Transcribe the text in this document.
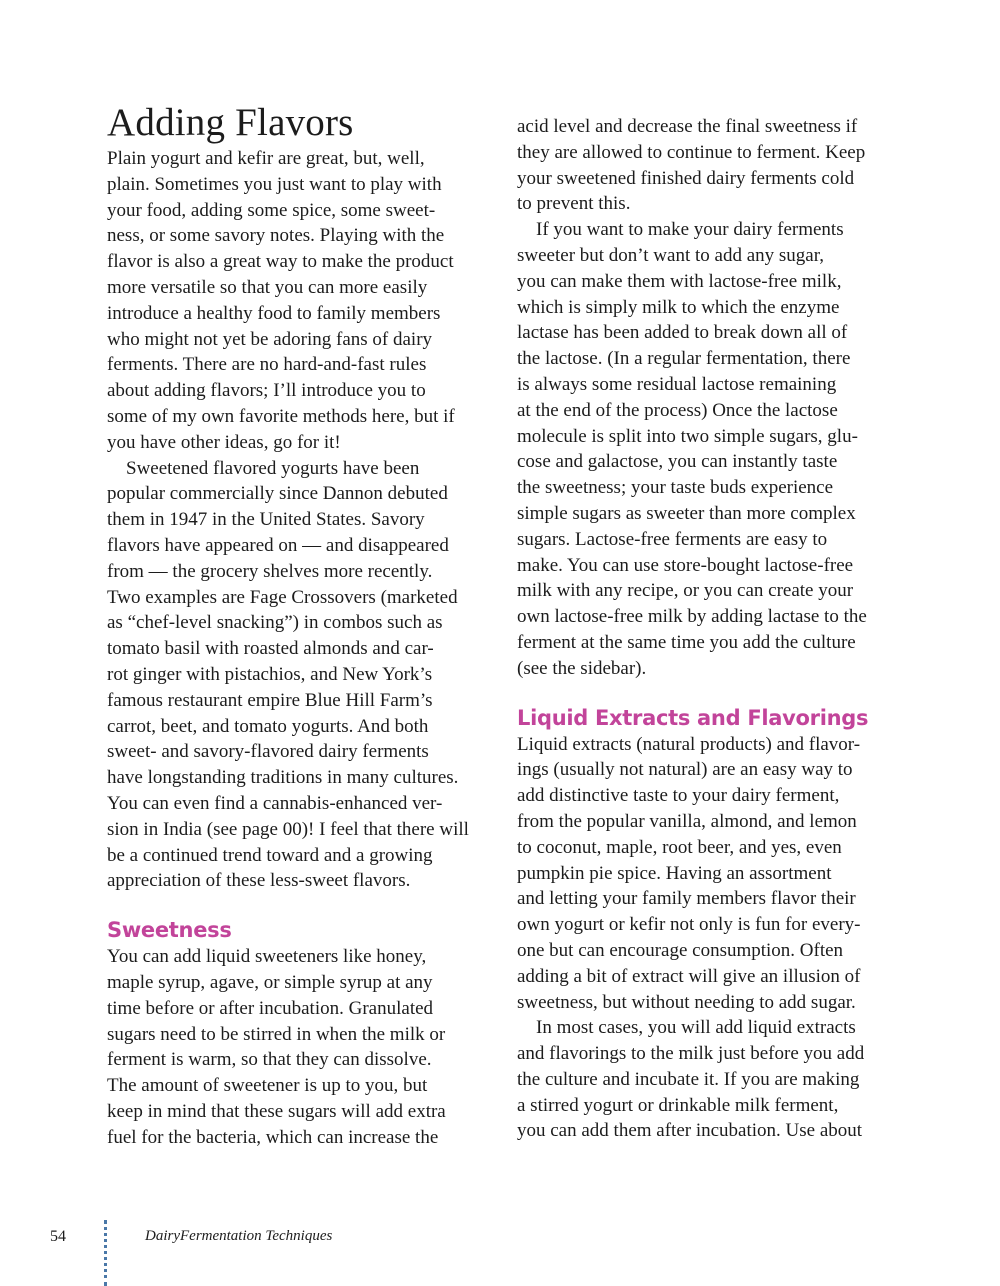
Adding Flavors
Plain yogurt and kefir are great, but, well,
plain. Sometimes you just want to play with
your food, adding some spice, some sweet-
ness, or some savory notes. Playing with the
flavor is also a great way to make the product
more versatile so that you can more easily
introduce a healthy food to family members
who might not yet be adoring fans of dairy
ferments. There are no hard-and-fast rules
about adding flavors; I’ll introduce you to
some of my own favorite methods here, but if
you have other ideas, go for it!
Sweetened flavored yogurts have been
popular commercially since Dannon debuted
them in 1947 in the United States. Savory
flavors have appeared on — and disappeared
from — the grocery shelves more recently.
Two examples are Fage Crossovers (marketed
as “chef-level snacking”) in combos such as
tomato basil with roasted almonds and car-
rot ginger with pistachios, and New York’s
famous restaurant empire Blue Hill Farm’s
carrot, beet, and tomato yogurts. And both
sweet- and savory-flavored dairy ferments
have longstanding traditions in many cultures.
You can even find a cannabis-enhanced ver-
sion in India (see page 00)! I feel that there will
be a continued trend toward and a growing
appreciation of these less-sweet flavors.
Sweetness
You can add liquid sweeteners like honey,
maple syrup, agave, or simple syrup at any
time before or after incubation. Granulated
sugars need to be stirred in when the milk or
ferment is warm, so that they can dissolve.
The amount of sweetener is up to you, but
keep in mind that these sugars will add extra
fuel for the bacteria, which can increase the
acid level and decrease the final sweetness if
they are allowed to continue to ferment. Keep
your sweetened finished dairy ferments cold
to prevent this.
If you want to make your dairy ferments
sweeter but don’t want to add any sugar,
you can make them with lactose-free milk,
which is simply milk to which the enzyme
lactase has been added to break down all of
the lactose. (In a regular fermentation, there
is always some residual lactose remaining
at the end of the process) Once the lactose
molecule is split into two simple sugars, glu-
cose and galactose, you can instantly taste
the sweetness; your taste buds experience
simple sugars as sweeter than more complex
sugars. Lactose-free ferments are easy to
make. You can use store-bought lactose-free
milk with any recipe, or you can create your
own lactose-free milk by adding lactase to the
ferment at the same time you add the culture
(see the sidebar).
Liquid Extracts and Flavorings
Liquid extracts (natural products) and flavor-
ings (usually not natural) are an easy way to
add distinctive taste to your dairy ferment,
from the popular vanilla, almond, and lemon
to coconut, maple, root beer, and yes, even
pumpkin pie spice. Having an assortment
and letting your family members flavor their
own yogurt or kefir not only is fun for every-
one but can encourage consumption. Often
adding a bit of extract will give an illusion of
sweetness, but without needing to add sugar.
In most cases, you will add liquid extracts
and flavorings to the milk just before you add
the culture and incubate it. If you are making
a stirred yogurt or drinkable milk ferment,
you can add them after incubation. Use about
54	DairyFermentation Techniques
